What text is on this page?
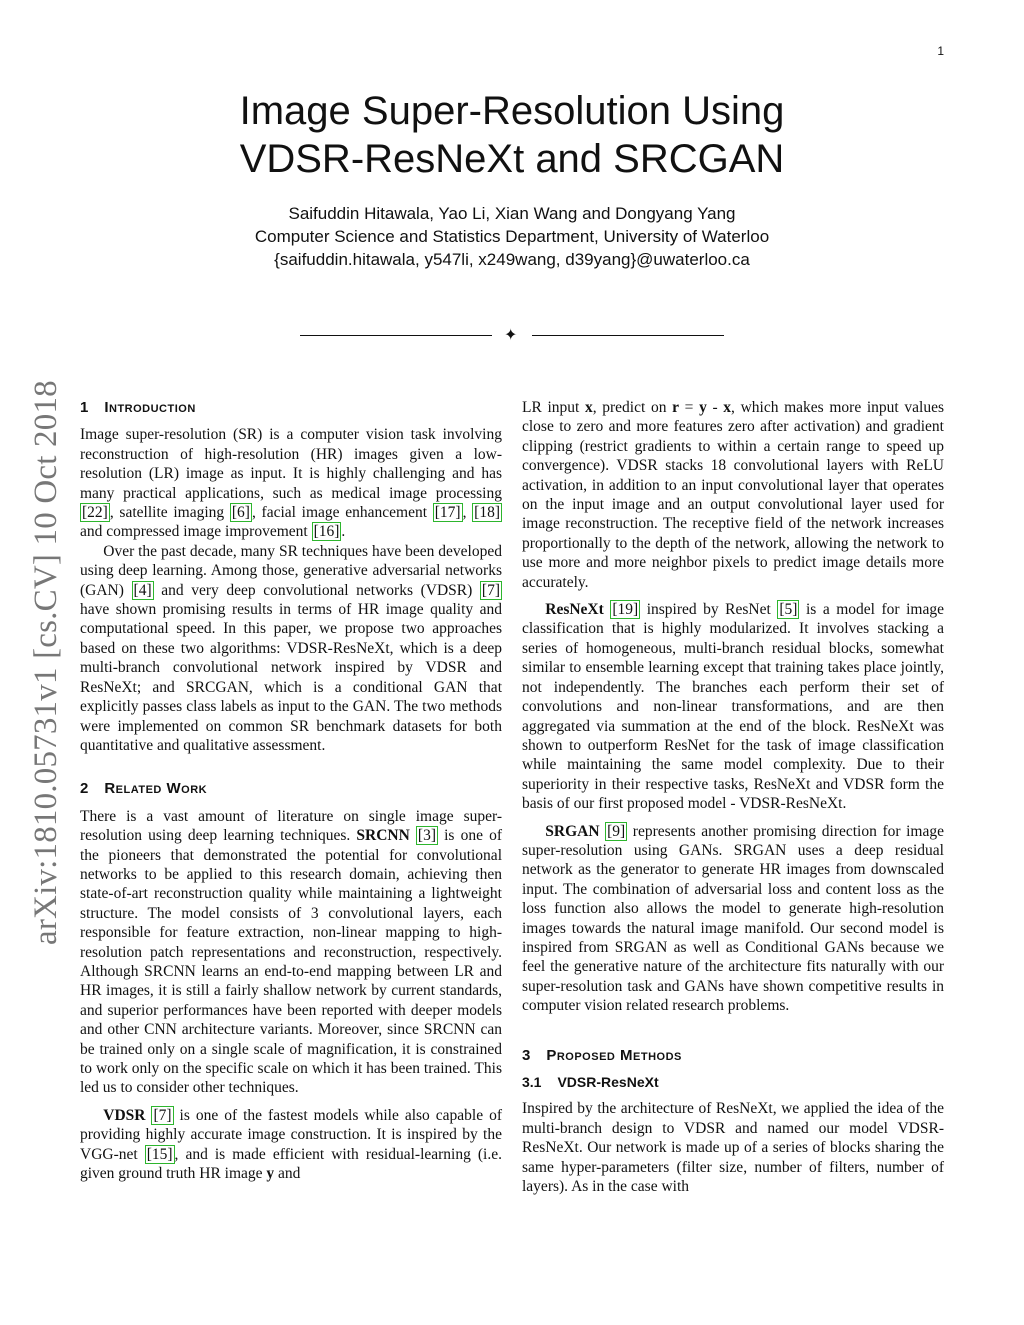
1
arXiv:1810.05731v1 [cs.CV] 10 Oct 2018
Image Super-Resolution Using
VDSR-ResNeXt and SRCGAN
Saifuddin Hitawala, Yao Li, Xian Wang and Dongyang Yang
Computer Science and Statistics Department, University of Waterloo
{saifuddin.hitawala, y547li, x249wang, d39yang}@uwaterloo.ca
✦
1 Introduction

Image super-resolution (SR) is a computer vision task involving reconstruction of high-resolution (HR) images given a low-resolution (LR) image as input. It is highly challenging and has many practical applications, such as medical image processing [22] , satellite imaging [6] , facial image enhancement [17] , [18] and compressed image improvement [16] .

Over the past decade, many SR techniques have been developed using deep learning. Among those, generative adversarial networks (GAN) [4] and very deep convolutional networks (VDSR) [7] have shown promising results in terms of HR image quality and computational speed. In this paper, we propose two approaches based on these two algorithms: VDSR-ResNeXt, which is a deep multi-branch convolutional network inspired by VDSR and ResNeXt; and SRCGAN, which is a conditional GAN that explicitly passes class labels as input to the GAN. The two methods were implemented on common SR benchmark datasets for both quantitative and qualitative assessment.

2 Related Work

There is a vast amount of literature on single image super-resolution using deep learning techniques. SRCNN [3] is one of the pioneers that demonstrated the potential for convolutional networks to be applied to this research domain, achieving then state-of-art reconstruction quality while maintaining a lightweight structure. The model consists of 3 convolutional layers, each responsible for feature extraction, non-linear mapping to high-resolution patch representations and reconstruction, respectively. Although SRCNN learns an end-to-end mapping between LR and HR images, it is still a fairly shallow network by current standards, and superior performances have been reported with deeper models and other CNN architecture variants. Moreover, since SRCNN can be trained only on a single scale of magnification, it is constrained to work only on the specific scale on which it has been trained. This led us to consider other techniques.

VDSR [7] is one of the fastest models while also capable of providing highly accurate image construction. It is inspired by the VGG-net [15] , and is made efficient with residual-learning (i.e. given ground truth HR image y and

LR input x, predict on r = y - x, which makes more input values close to zero and more features zero after activation) and gradient clipping (restrict gradients to within a certain range to speed up convergence). VDSR stacks 18 convolutional layers with ReLU activation, in addition to an input convolutional layer that operates on the input image and an output convolutional layer used for image reconstruction. The receptive field of the network increases proportionally to the depth of the network, allowing the network to use more and more neighbor pixels to predict image details more accurately.

ResNeXt [19] inspired by ResNet [5] is a model for image classification that is highly modularized. It involves stacking a series of homogeneous, multi-branch residual blocks, somewhat similar to ensemble learning except that training takes place jointly, not independently. The branches each perform their set of convolutions and non-linear transformations, and are then aggregated via summation at the end of the block. ResNeXt was shown to outperform ResNet for the task of image classification while maintaining the same model complexity. Due to their superiority in their respective tasks, ResNeXt and VDSR form the basis of our first proposed model - VDSR-ResNeXt.

SRGAN [9] represents another promising direction for image super-resolution using GANs. SRGAN uses a deep residual network as the generator to generate HR images from downscaled input. The combination of adversarial loss and content loss as the loss function also allows the model to generate high-resolution images towards the natural image manifold. Our second model is inspired from SRGAN as well as Conditional GANs because we feel the generative nature of the architecture fits naturally with our super-resolution task and GANs have shown competitive results in computer vision related research problems.

3 Proposed Methods
3.1 VDSR-ResNeXt

Inspired by the architecture of ResNeXt, we applied the idea of the multi-branch design to VDSR and named our model VDSR-ResNeXt. Our network is made up of a series of blocks sharing the same hyper-parameters (filter size, number of filters, number of layers). As in the case with
